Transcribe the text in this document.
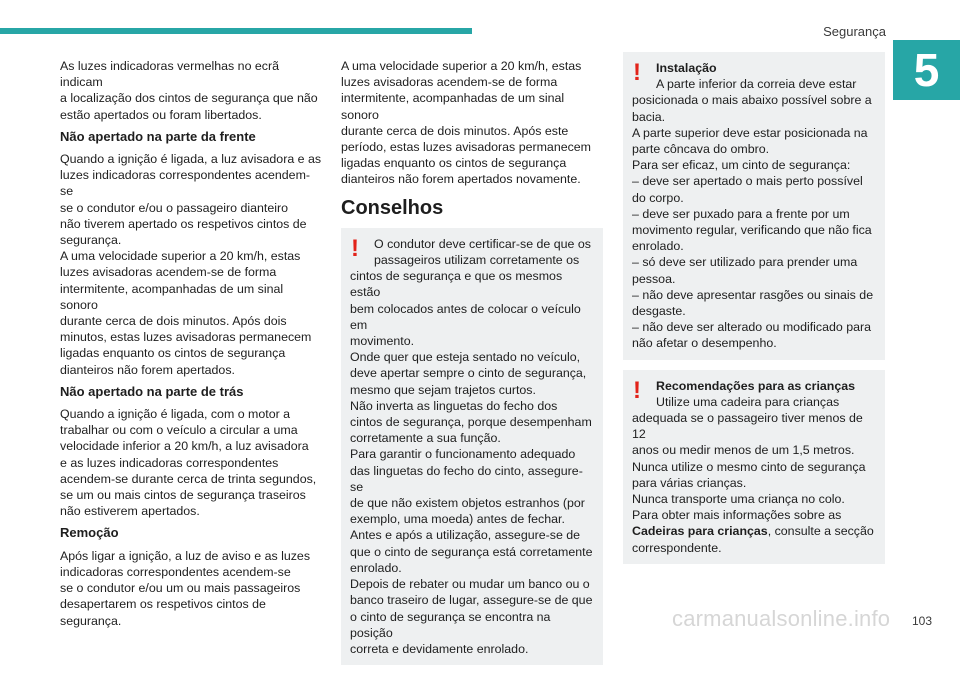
Segurança
5

As luzes indicadoras vermelhas no ecrã indicam
a localização dos cintos de segurança que não
estão apertados ou foram libertados.

Não apertado na parte da frente

Quando a ignição é ligada, a luz avisadora e as
luzes indicadoras correspondentes acendem-se
se o condutor e/ou o passageiro dianteiro
não tiverem apertado os respetivos cintos de
segurança.
A uma velocidade superior a 20 km/h, estas
luzes avisadoras acendem-se de forma
intermitente, acompanhadas de um sinal sonoro
durante cerca de dois minutos. Após dois
minutos, estas luzes avisadoras permanecem
ligadas enquanto os cintos de segurança
dianteiros não forem apertados.

Não apertado na parte de trás

Quando a ignição é ligada, com o motor a
trabalhar ou com o veículo a circular a uma
velocidade inferior a 20 km/h, a luz avisadora
e as luzes indicadoras correspondentes
acendem-se durante cerca de trinta segundos,
se um ou mais cintos de segurança traseiros
não estiverem apertados.

Remoção

Após ligar a ignição, a luz de aviso e as luzes
indicadoras correspondentes acendem-se
se o condutor e/ou um ou mais passageiros
desapertarem os respetivos cintos de
segurança.

A uma velocidade superior a 20 km/h, estas
luzes avisadoras acendem-se de forma
intermitente, acompanhadas de um sinal sonoro
durante cerca de dois minutos. Após este
período, estas luzes avisadoras permanecem
ligadas enquanto os cintos de segurança
dianteiros não forem apertados novamente.

Conselhos
! O condutor deve certificar-se de que os
passageiros utilizam corretamente os
cintos de segurança e que os mesmos estão
bem colocados antes de colocar o veículo em
movimento.
Onde quer que esteja sentado no veículo,
deve apertar sempre o cinto de segurança,
mesmo que sejam trajetos curtos.
Não inverta as linguetas do fecho dos
cintos de segurança, porque desempenham
corretamente a sua função.
Para garantir o funcionamento adequado
das linguetas do fecho do cinto, assegure-se
de que não existem objetos estranhos (por
exemplo, uma moeda) antes de fechar.
Antes e após a utilização, assegure-se de
que o cinto de segurança está corretamente
enrolado.
Depois de rebater ou mudar um banco ou o
banco traseiro de lugar, assegure-se de que
o cinto de segurança se encontra na posição
correta e devidamente enrolado.
! Instalação
A parte inferior da correia deve estar
posicionada o mais abaixo possível sobre a
bacia.
A parte superior deve estar posicionada na
parte côncava do ombro.
Para ser eficaz, um cinto de segurança:
– deve ser apertado o mais perto possível
do corpo.
– deve ser puxado para a frente por um
movimento regular, verificando que não fica
enrolado.
– só deve ser utilizado para prender uma
pessoa.
– não deve apresentar rasgões ou sinais de
desgaste.
– não deve ser alterado ou modificado para
não afetar o desempenho.
! Recomendações para as crianças
Utilize uma cadeira para crianças
adequada se o passageiro tiver menos de 12
anos ou medir menos de um 1,5 metros.
Nunca utilize o mesmo cinto de segurança
para várias crianças.
Nunca transporte uma criança no colo.
Para obter mais informações sobre as
Cadeiras para crianças, consulte a secção
correspondente.
carmanualsonline.info 103
